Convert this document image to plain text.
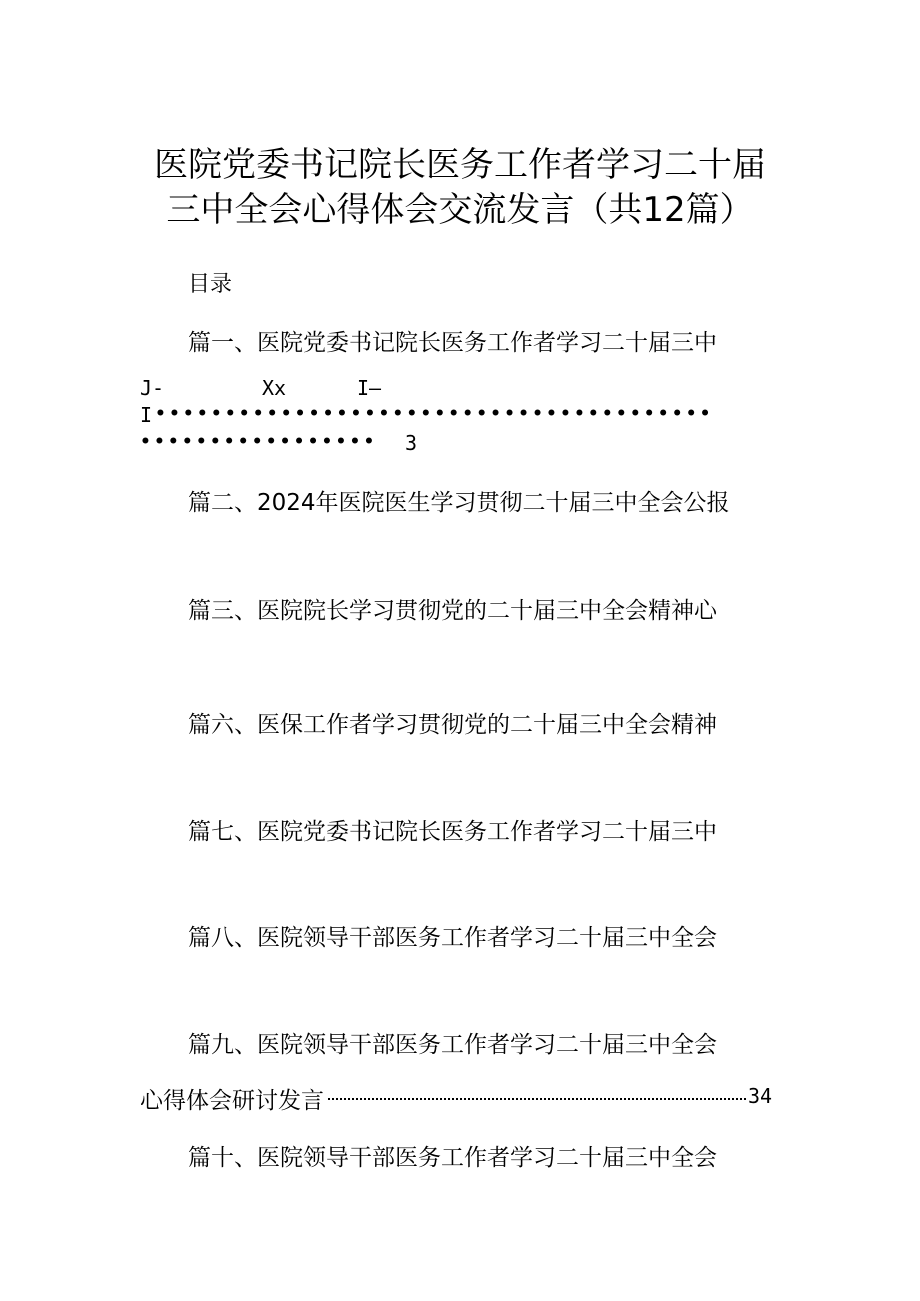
医院党委书记院长医务工作者学习二十届
三中全会心得体会交流发言（共12篇）
目录
篇一、医院党委书记院长医务工作者学习二十届三中
J-	Xx	I—
I ••••••••••••••••••••••••••••••••••••••••
••••••••••••••••• 3
篇二、2024年医院医生学习贯彻二十届三中全会公报
篇三、医院院长学习贯彻党的二十届三中全会精神心
篇六、医保工作者学习贯彻党的二十届三中全会精神
篇七、医院党委书记院长医务工作者学习二十届三中
篇八、医院领导干部医务工作者学习二十届三中全会
篇九、医院领导干部医务工作者学习二十届三中全会
心得体会研讨发言	34
篇十、医院领导干部医务工作者学习二十届三中全会
